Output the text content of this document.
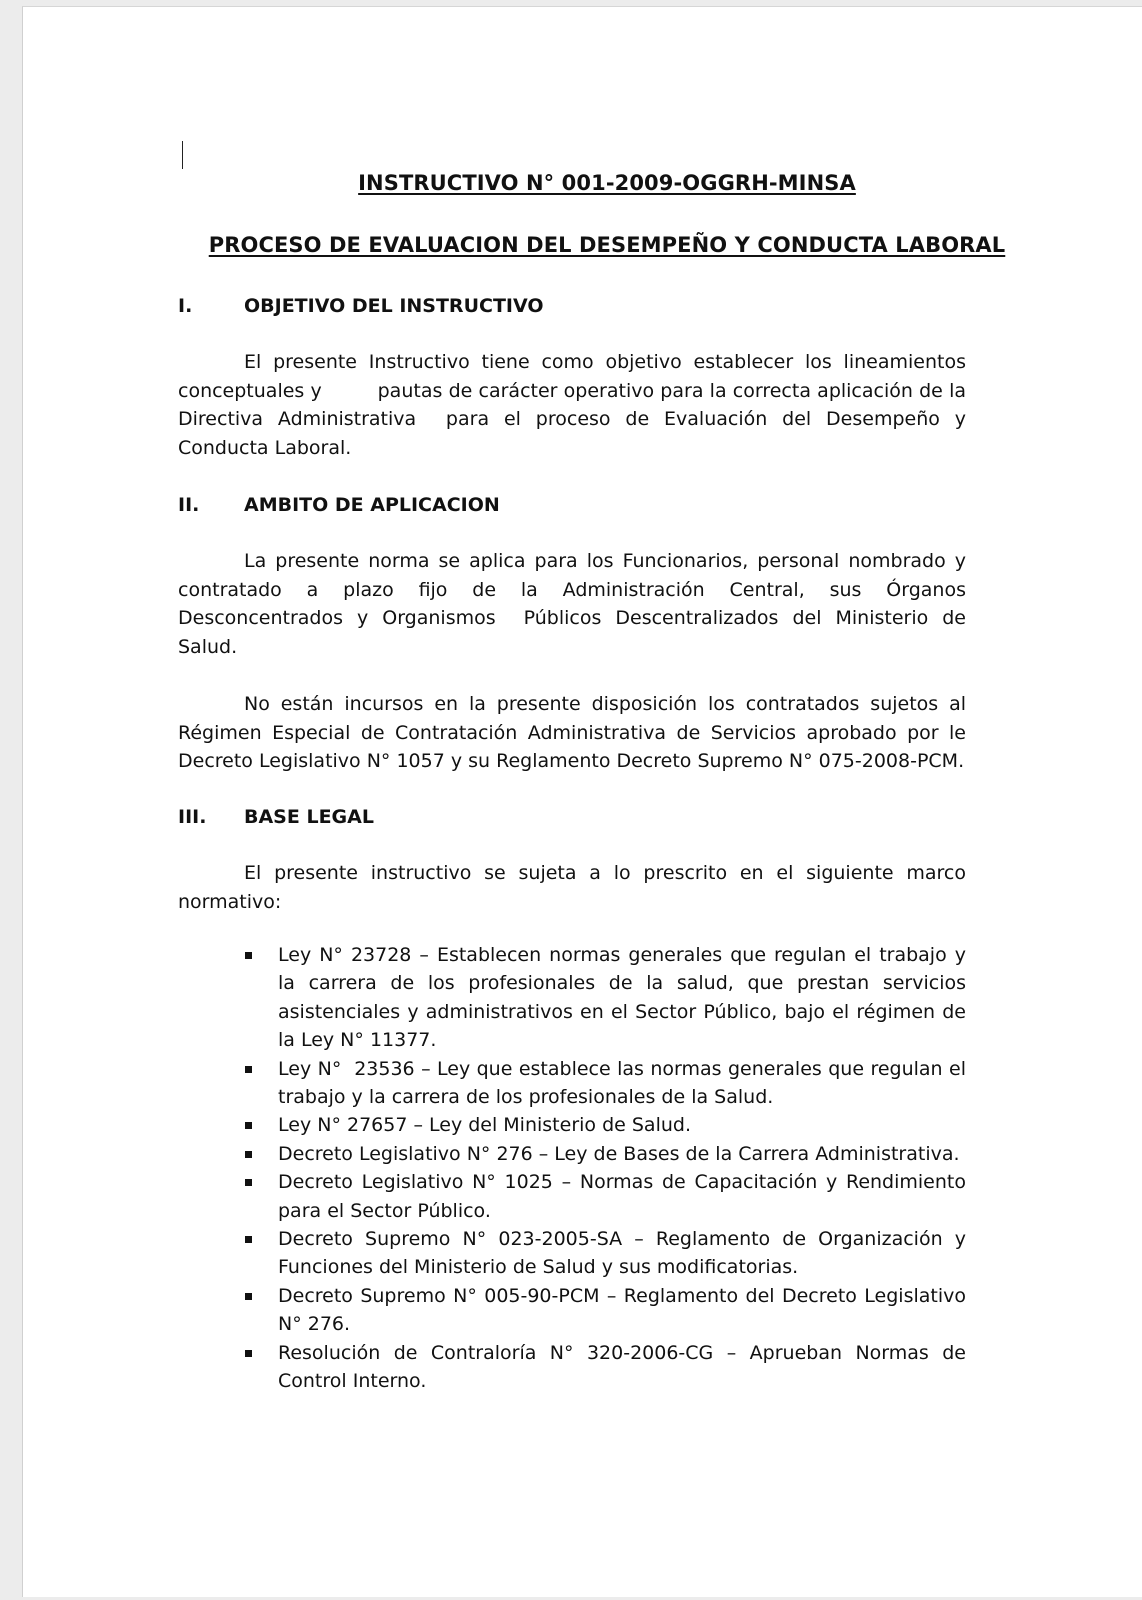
INSTRUCTIVO N° 001-2009-OGGRH-MINSA
PROCESO DE EVALUACION DEL DESEMPEÑO Y CONDUCTA LABORAL
I.	OBJETIVO DEL INSTRUCTIVO

El presente Instructivo tiene como objetivo establecer los lineamientos conceptuales y         pautas de carácter operativo para la correcta aplicación de la Directiva Administrativa  para el proceso de Evaluación del Desempeño y Conducta Laboral.

II. AMBITO DE APLICACION

La presente norma se aplica para los Funcionarios, personal nombrado y contratado a plazo fijo de la Administración Central, sus Órganos Desconcentrados y Organismos  Públicos Descentralizados del Ministerio de Salud.

No están incursos en la presente disposición los contratados sujetos al Régimen Especial de Contratación Administrativa de Servicios aprobado por le Decreto Legislativo N° 1057 y su Reglamento Decreto Supremo N° 075-2008-PCM.

III. BASE LEGAL

El presente instructivo se sujeta a lo prescrito en el siguiente marco normativo:

Ley N° 23728 – Establecen normas generales que regulan el trabajo y la carrera de los profesionales de la salud, que prestan servicios asistenciales y administrativos en el Sector Público, bajo el régimen de la Ley N° 11377.
Ley N°  23536 – Ley que establece las normas generales que regulan el trabajo y la carrera de los profesionales de la Salud.
Ley N° 27657 – Ley del Ministerio de Salud.
Decreto Legislativo N° 276 – Ley de Bases de la Carrera Administrativa.
Decreto Legislativo N° 1025 – Normas de Capacitación y Rendimiento para el Sector Público.
Decreto Supremo N° 023-2005-SA – Reglamento de Organización y Funciones del Ministerio de Salud y sus modificatorias.
Decreto Supremo N° 005-90-PCM – Reglamento del Decreto Legislativo N° 276.
Resolución de Contraloría N° 320-2006-CG – Aprueban Normas de Control Interno.
